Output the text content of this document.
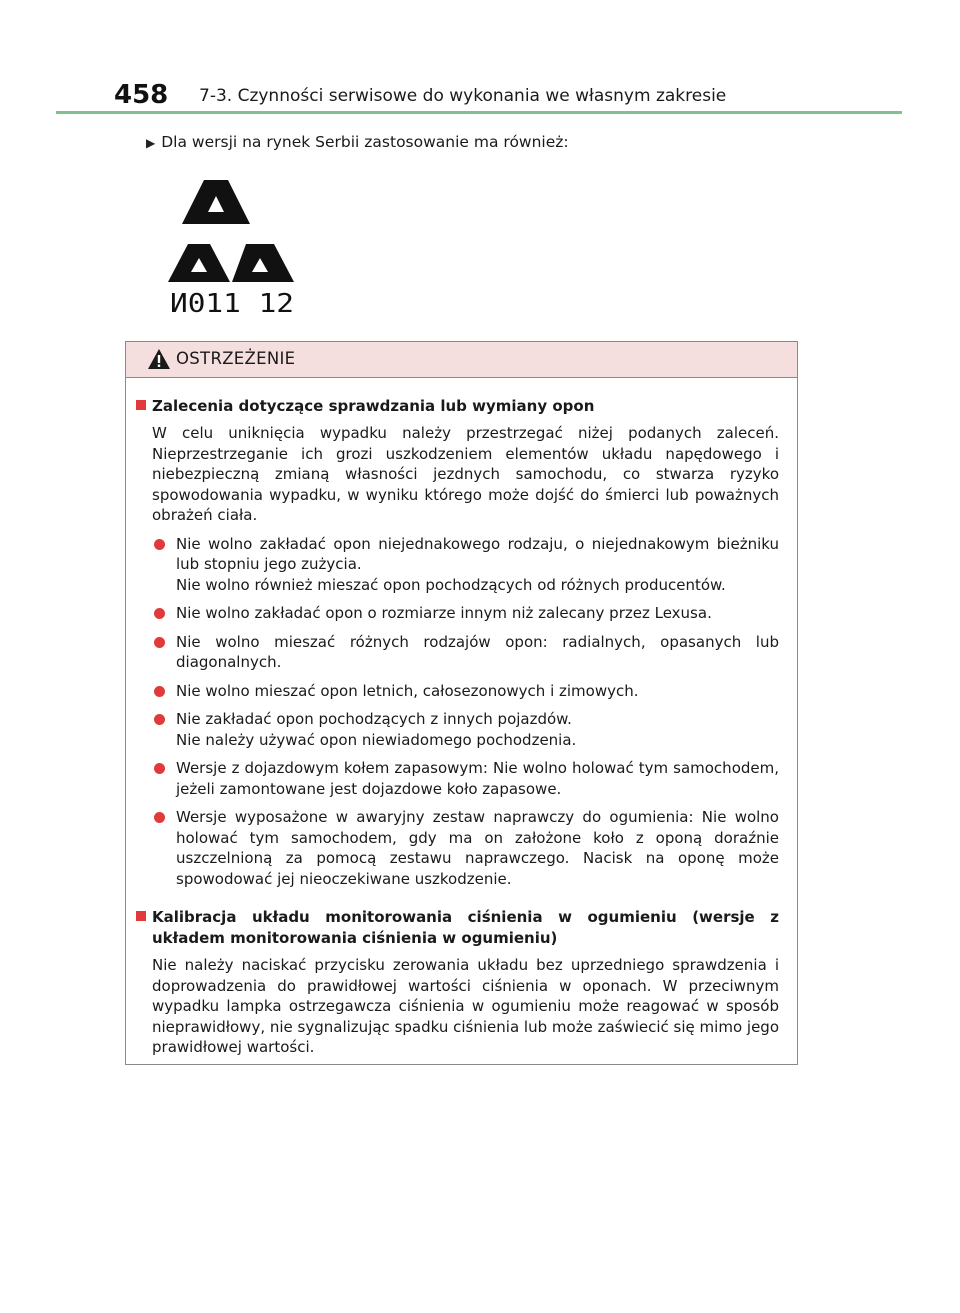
458 7-3. Czynności serwisowe do wykonania we własnym zakresie
▶ Dla wersji na rynek Serbii zastosowanie ma również:
И011 12
OSTRZEŻENIE
Zalecenia dotyczące sprawdzania lub wymiany opon
W celu uniknięcia wypadku należy przestrzegać niżej podanych zaleceń. Nieprzestrzeganie ich grozi uszkodzeniem elementów układu napędowego i niebezpieczną zmianą własności jezdnych samochodu, co stwarza ryzyko spowodowania wypadku, w wyniku którego może dojść do śmierci lub poważnych obrażeń ciała.
Nie wolno zakładać opon niejednakowego rodzaju, o niejednakowym bieżniku lub stopniu jego zużycia.
Nie wolno również mieszać opon pochodzących od różnych producentów.
Nie wolno zakładać opon o rozmiarze innym niż zalecany przez Lexusa.
Nie wolno mieszać różnych rodzajów opon: radialnych, opasanych lub diagonalnych.
Nie wolno mieszać opon letnich, całosezonowych i zimowych.
Nie zakładać opon pochodzących z innych pojazdów.
Nie należy używać opon niewiadomego pochodzenia.
Wersje z dojazdowym kołem zapasowym: Nie wolno holować tym samochodem, jeżeli zamontowane jest dojazdowe koło zapasowe.
Wersje wyposażone w awaryjny zestaw naprawczy do ogumienia: Nie wolno holować tym samochodem, gdy ma on założone koło z oponą doraźnie uszczelnioną za pomocą zestawu naprawczego. Nacisk na oponę może spowodować jej nieoczekiwane uszkodzenie.
Kalibracja układu monitorowania ciśnienia w ogumieniu (wersje z układem monitorowania ciśnienia w ogumieniu)
Nie należy naciskać przycisku zerowania układu bez uprzedniego sprawdzenia i doprowadzenia do prawidłowej wartości ciśnienia w oponach. W przeciwnym wypadku lampka ostrzegawcza ciśnienia w ogumieniu może reagować w sposób nieprawidłowy, nie sygnalizując spadku ciśnienia lub może zaświecić się mimo jego prawidłowej wartości.
